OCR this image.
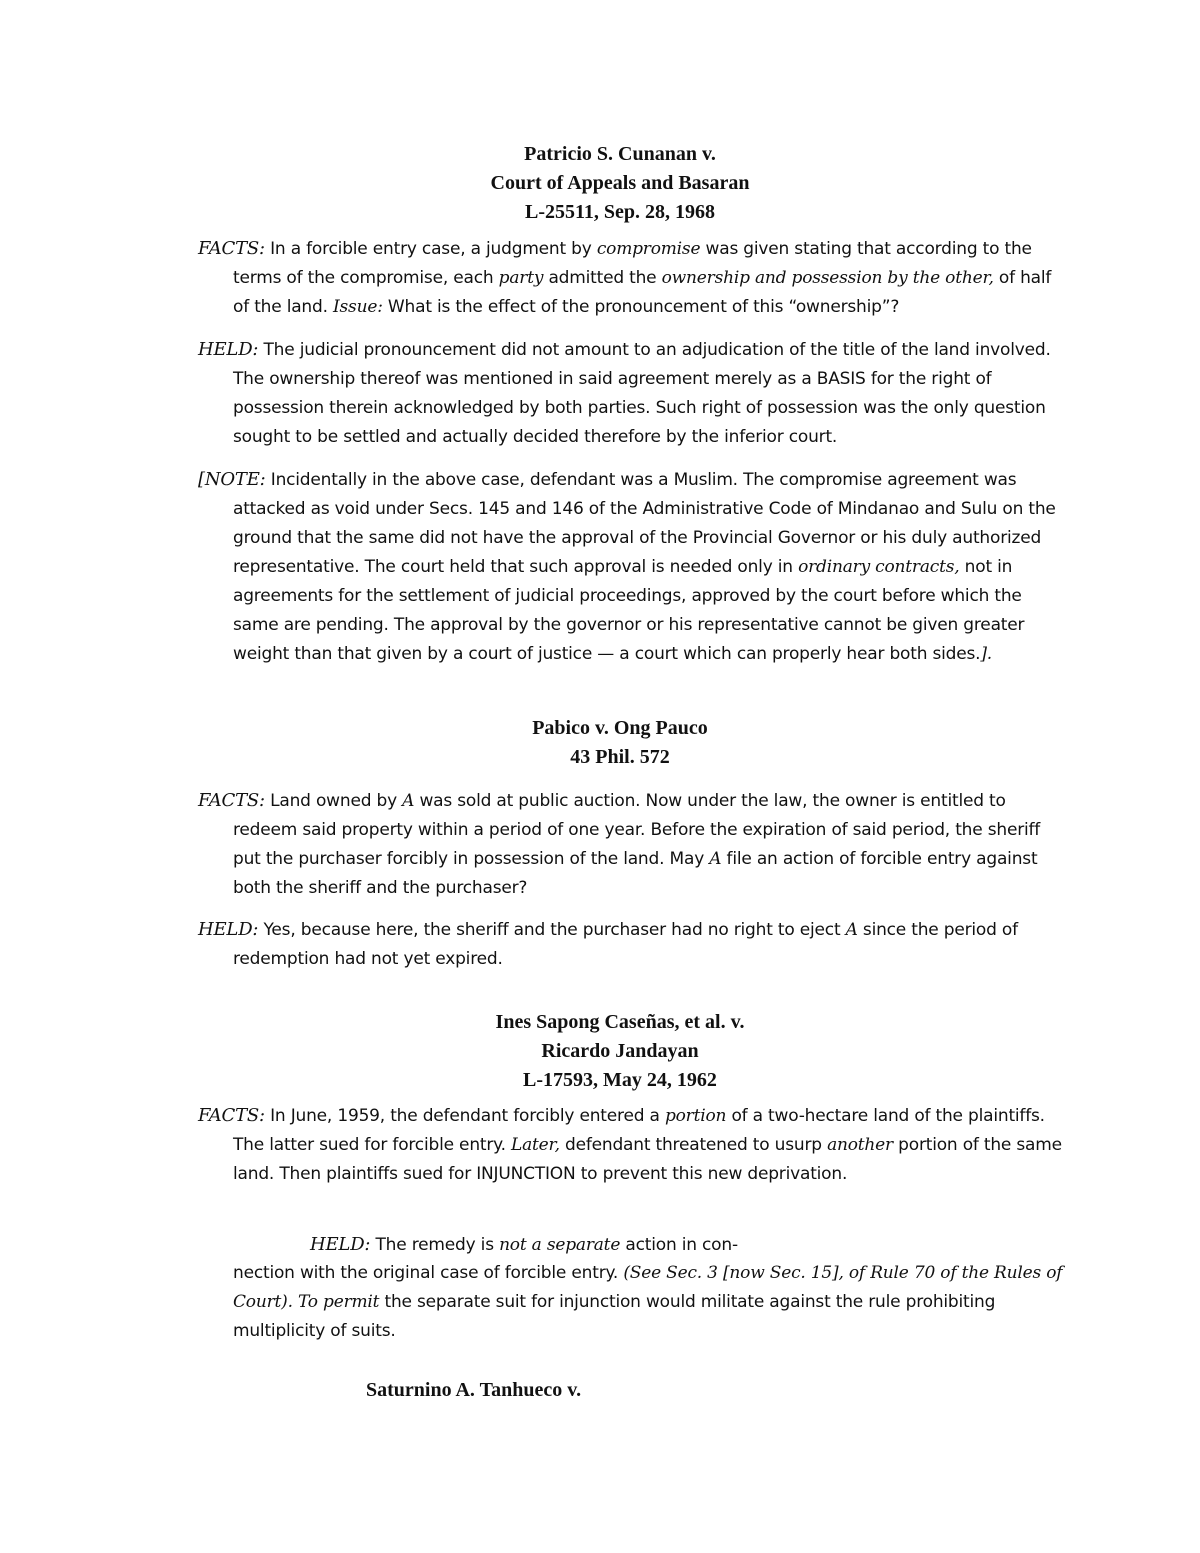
Patricio S. Cunanan v.
Court of Appeals and Basaran
L-25511, Sep. 28, 1968
FACTS: In a forcible entry case, a judgment by compromise was given stating that according to the terms of the compromise, each party admitted the ownership and possession by the other, of half of the land. Issue: What is the effect of the pronouncement of this “ownership”?
HELD: The judicial pronouncement did not amount to an adjudication of the title of the land involved. The ownership thereof was mentioned in said agreement merely as a BASIS for the right of possession therein acknowledged by both parties. Such right of possession was the only question sought to be settled and actually decided therefore by the inferior court.
[NOTE: Incidentally in the above case, defendant was a Muslim. The compromise agreement was attacked as void under Secs. 145 and 146 of the Administrative Code of Mindanao and Sulu on the ground that the same did not have the approval of the Provincial Governor or his duly authorized representative. The court held that such approval is needed only in ordinary contracts, not in agreements for the settlement of judicial proceedings, approved by the court before which the same are pending. The approval by the governor or his representative cannot be given greater weight than that given by a court of justice — a court which can properly hear both sides.].
Pabico v. Ong Pauco
43 Phil. 572
FACTS: Land owned by A was sold at public auction. Now under the law, the owner is entitled to redeem said property within a period of one year. Before the expiration of said period, the sheriff put the purchaser forcibly in possession of the land. May A file an action of forcible entry against both the sheriff and the purchaser?
HELD: Yes, because here, the sheriff and the purchaser had no right to eject A since the period of redemption had not yet expired.
Ines Sapong Caseñas, et al. v.
Ricardo Jandayan
L-17593, May 24, 1962
FACTS: In June, 1959, the defendant forcibly entered a portion of a two-hectare land of the plaintiffs. The latter sued for forcible entry. Later, defendant threatened to usurp another portion of the same land. Then plaintiffs sued for INJUNCTION to prevent this new deprivation.
HELD: The remedy is not a separate action in con-
nection with the original case of forcible entry. (See Sec. 3 [now Sec. 15], of Rule 70 of the Rules of Court). To permit the separate suit for injunction would militate against the rule prohibiting multiplicity of suits.
Saturnino A. Tanhueco v.
